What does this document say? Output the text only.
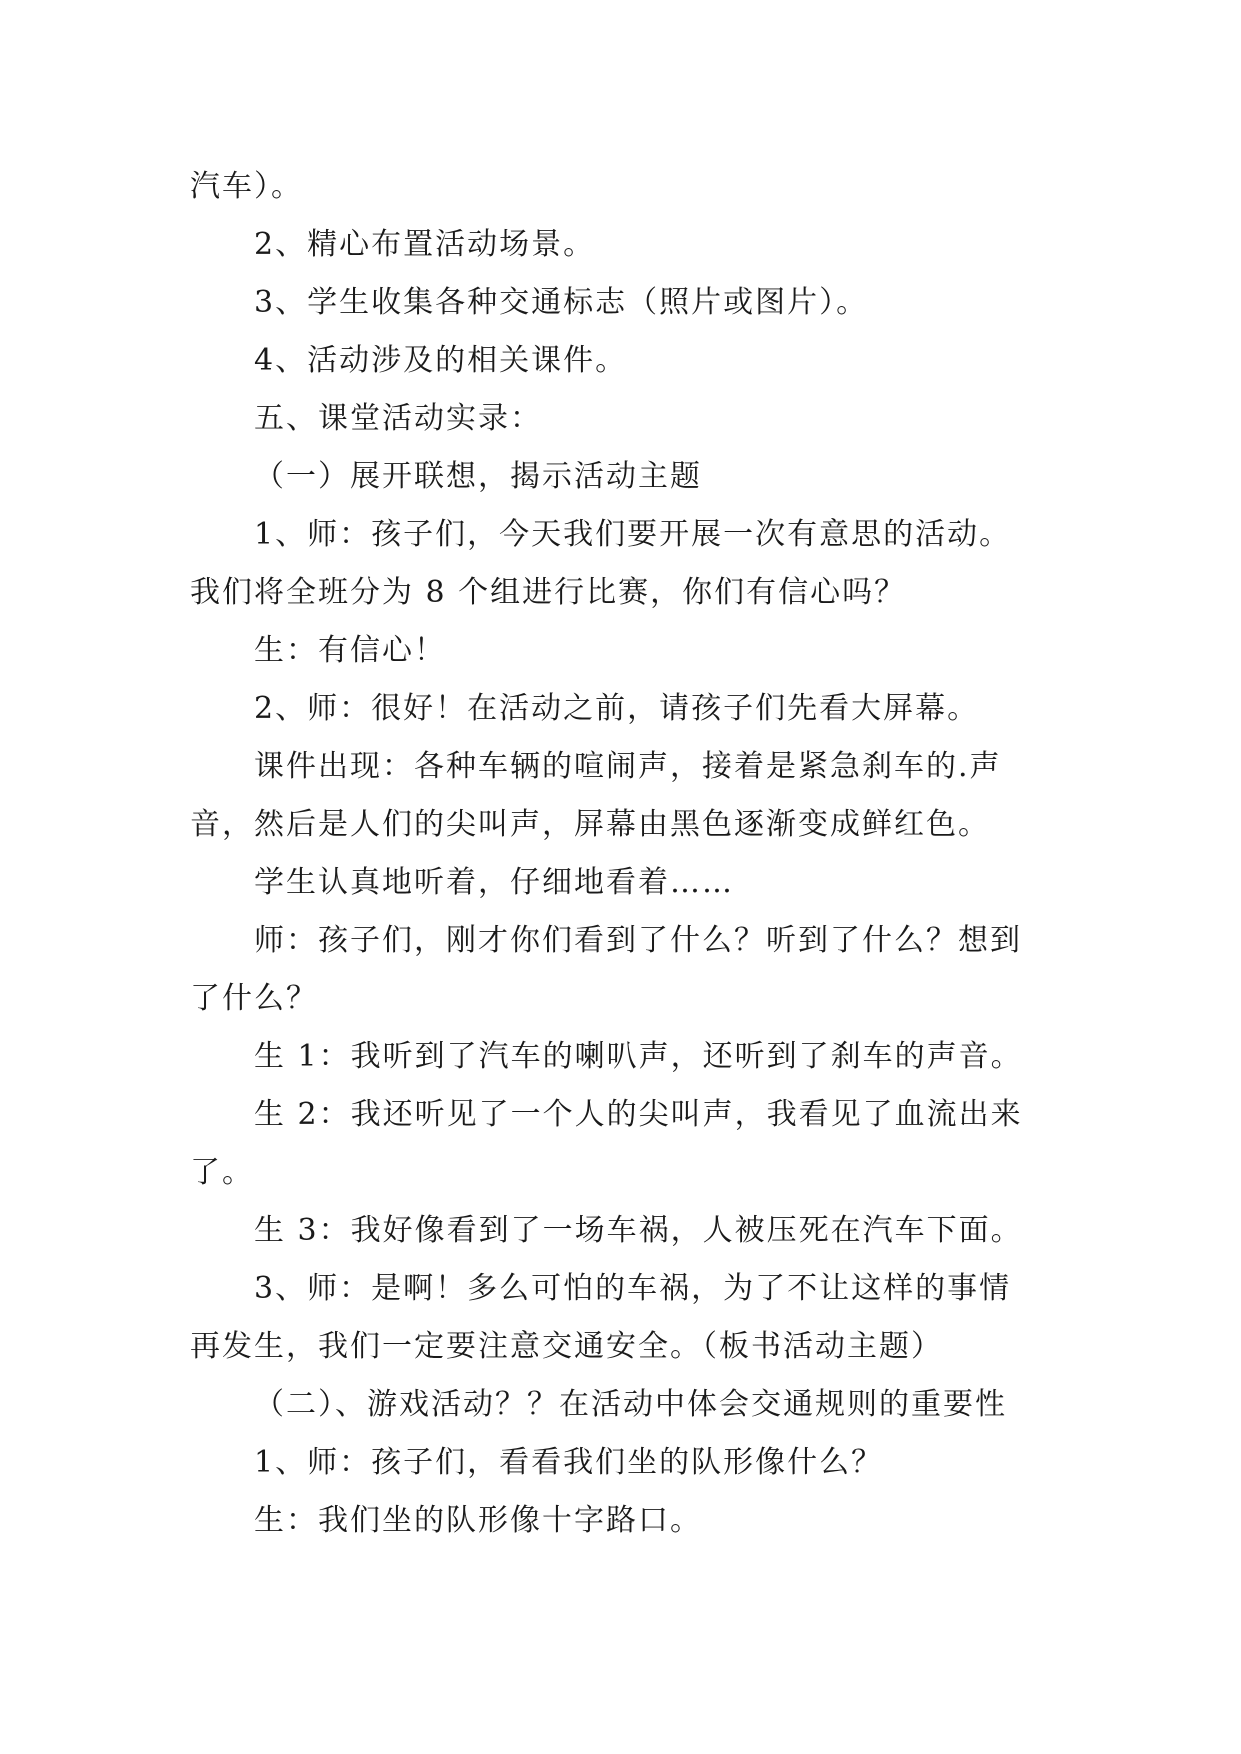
汽车）。
2、精心布置活动场景。
3、学生收集各种交通标志（照片或图片）。
4、活动涉及的相关课件。
五、课堂活动实录：
（一）展开联想，揭示活动主题
1、师：孩子们，今天我们要开展一次有意思的活动。
我们将全班分为 8 个组进行比赛，你们有信心吗？
生：有信心！
2、师：很好！在活动之前，请孩子们先看大屏幕。
课件出现：各种车辆的喧闹声，接着是紧急刹车的.声
音，然后是人们的尖叫声，屏幕由黑色逐渐变成鲜红色。
学生认真地听着，仔细地看着……
师：孩子们，刚才你们看到了什么？听到了什么？想到
了什么？
生 1：我听到了汽车的喇叭声，还听到了刹车的声音。
生 2：我还听见了一个人的尖叫声，我看见了血流出来
了。
生 3：我好像看到了一场车祸，人被压死在汽车下面。
3、师：是啊！多么可怕的车祸，为了不让这样的事情
再发生，我们一定要注意交通安全。（板书活动主题）
（二）、游戏活动？？在活动中体会交通规则的重要性
1、师：孩子们，看看我们坐的队形像什么？
生：我们坐的队形像十字路口。
